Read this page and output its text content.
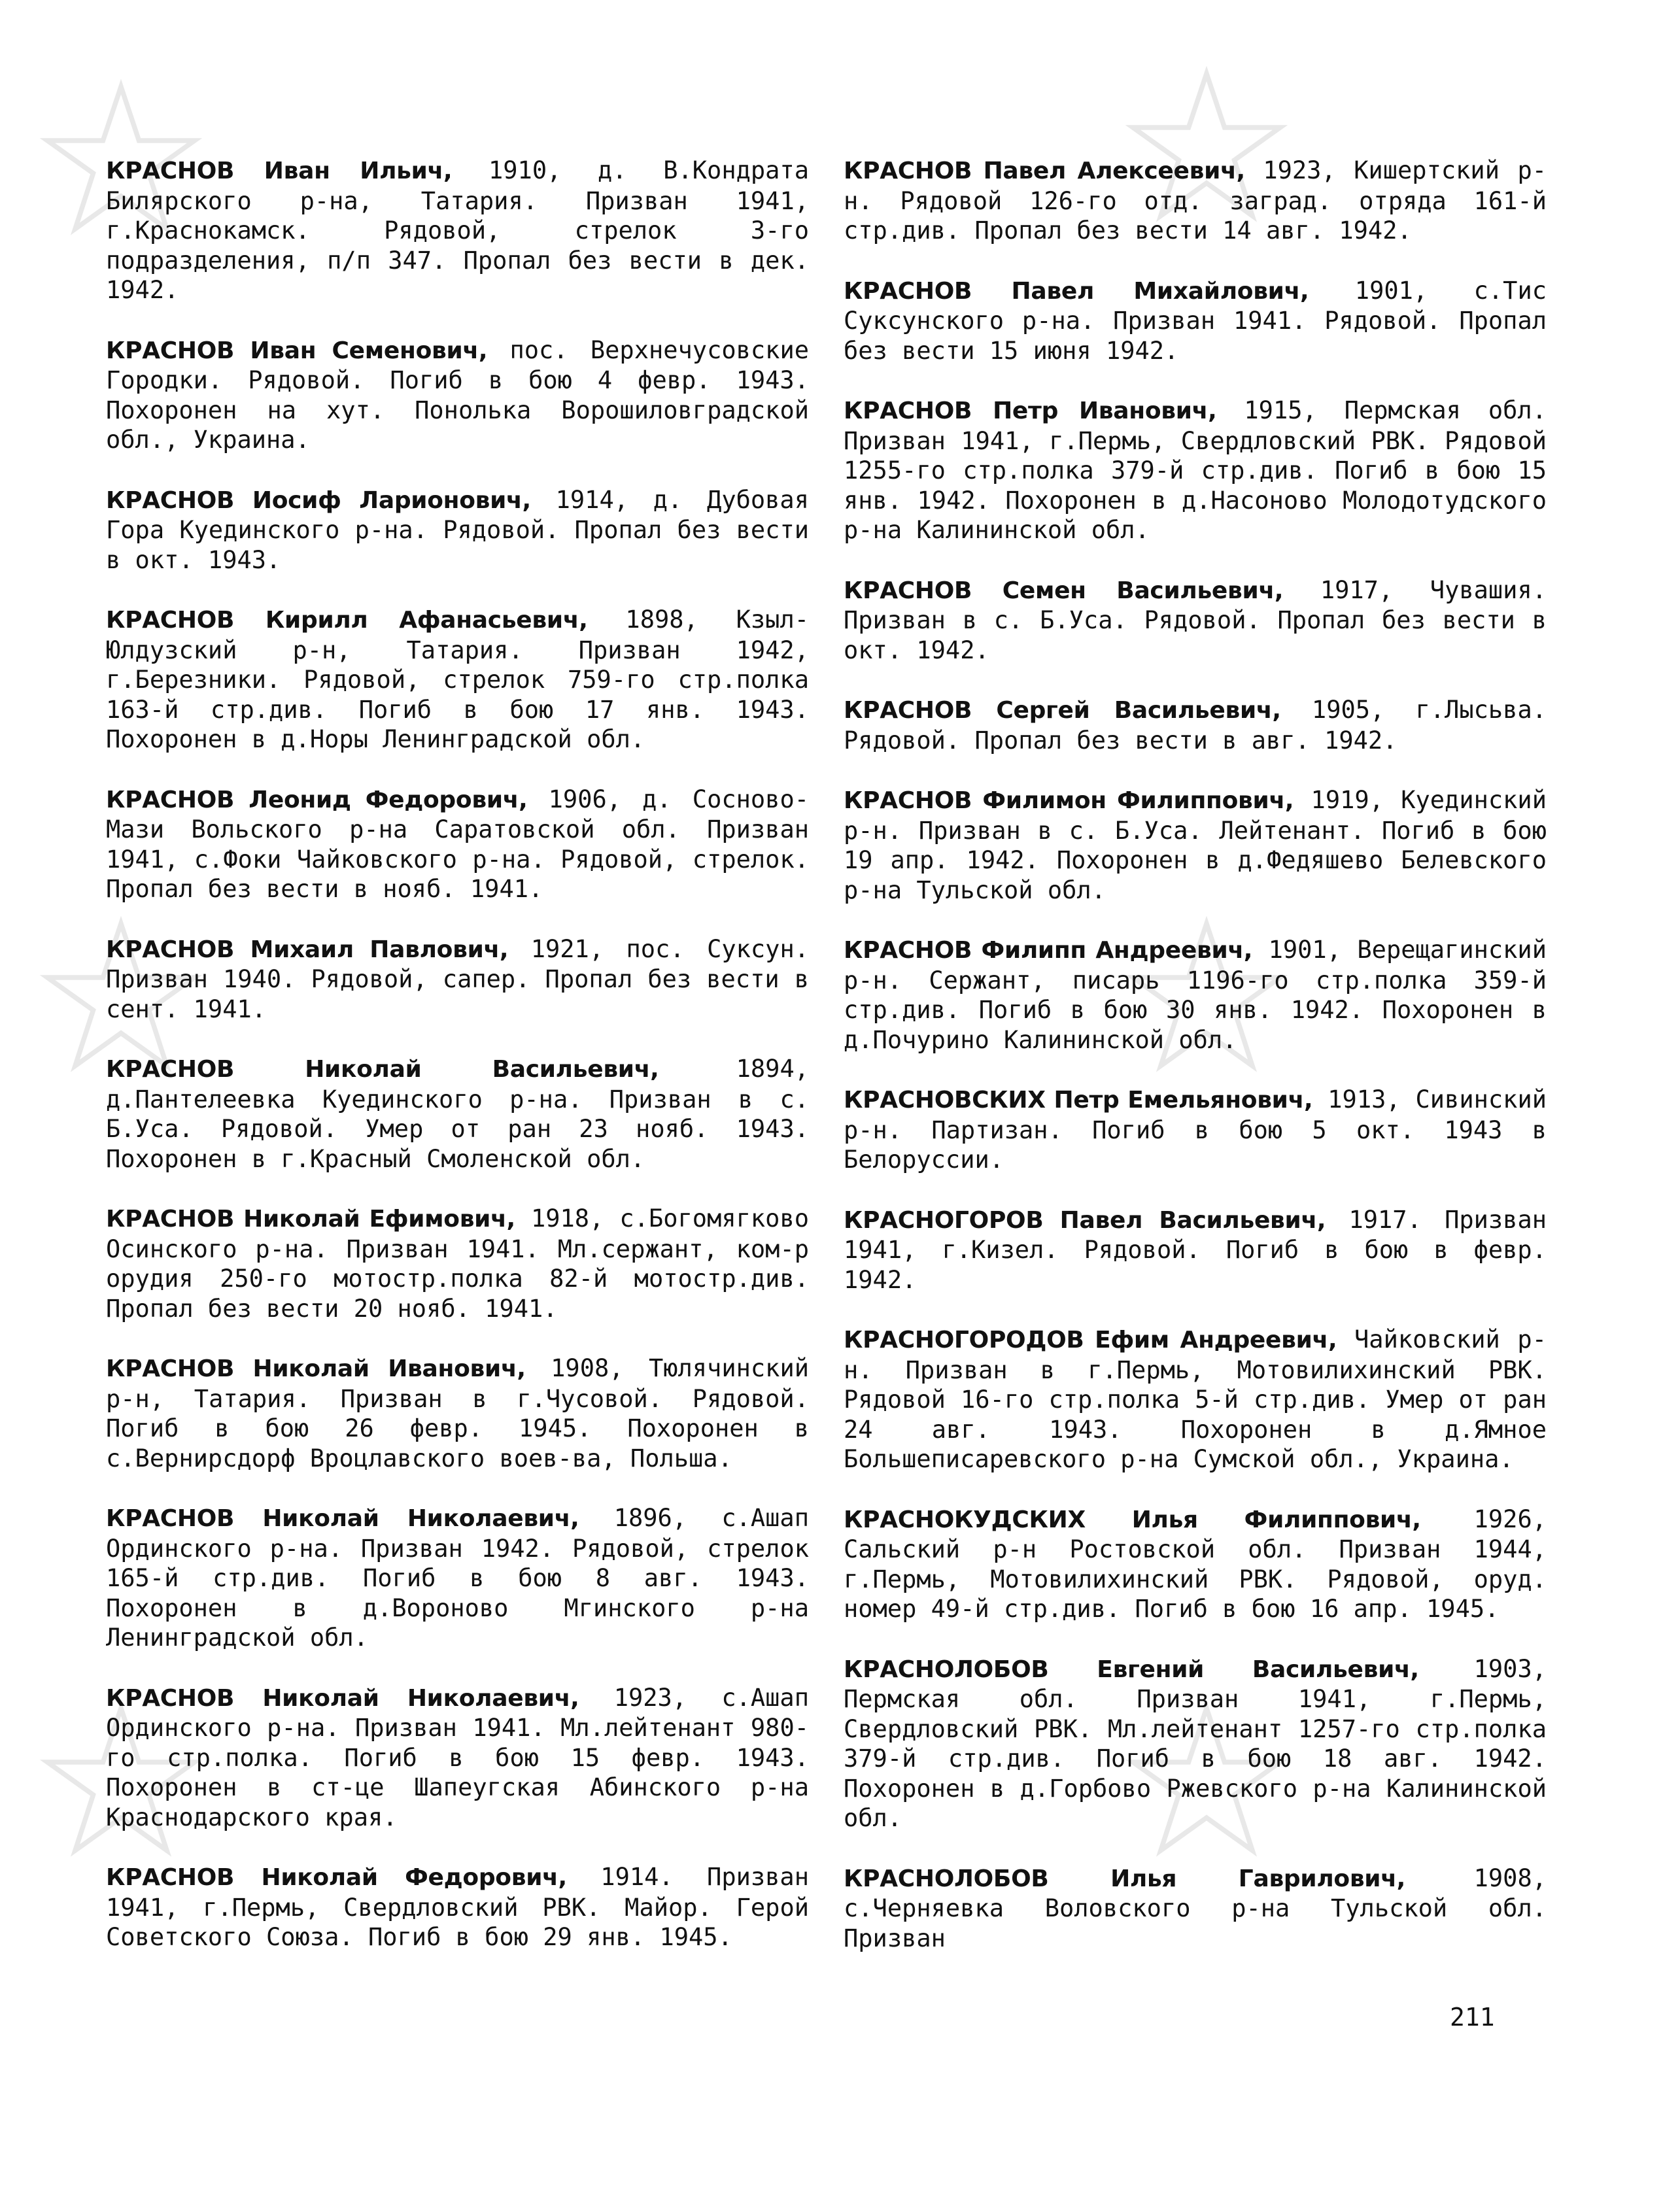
КРАСНОВ Иван Ильич, 1910, д. В.Кондрата Билярского р-на, Татария. Призван 1941, г.Краснокамск. Рядовой, стрелок 3-го подразделения, п/п 347. Пропал без вести в дек. 1942.

КРАСНОВ Иван Семенович, пос. Верхнечусовские Городки. Рядовой. Погиб в бою 4 февр. 1943. Похоронен на хут. Понолька Ворошиловградской обл., Украина.

КРАСНОВ Иосиф Ларионович, 1914, д. Дубовая Гора Куединского р-на. Рядовой. Пропал без вести в окт. 1943.

КРАСНОВ Кирилл Афанасьевич, 1898, Кзыл-Юлдузский р-н, Татария. Призван 1942, г.Березники. Рядовой, стрелок 759-го стр.полка 163-й стр.див. Погиб в бою 17 янв. 1943. Похоронен в д.Норы Ленинградской обл.

КРАСНОВ Леонид Федорович, 1906, д. Сосново-Мази Вольского р-на Саратовской обл. Призван 1941, с.Фоки Чайковского р-на. Рядовой, стрелок. Пропал без вести в нояб. 1941.

КРАСНОВ Михаил Павлович, 1921, пос. Суксун. Призван 1940. Рядовой, сапер. Пропал без вести в сент. 1941.

КРАСНОВ Николай Васильевич, 1894, д.Пантелеевка Куединского р-на. Призван в с. Б.Уса. Рядовой. Умер от ран 23 нояб. 1943. Похоронен в г.Красный Смоленской обл.

КРАСНОВ Николай Ефимович, 1918, с.Богомягково Осинского р-на. Призван 1941. Мл.сержант, ком-р орудия 250-го мотостр.полка 82-й мотостр.див. Пропал без вести 20 нояб. 1941.

КРАСНОВ Николай Иванович, 1908, Тюлячинский р-н, Татария. Призван в г.Чусовой. Рядовой. Погиб в бою 26 февр. 1945. Похоронен в с.Вернирсдорф Вроцлавского воев-ва, Польша.

КРАСНОВ Николай Николаевич, 1896, с.Ашап Ординского р-на. Призван 1942. Рядовой, стрелок 165-й стр.див. Погиб в бою 8 авг. 1943. Похоронен в д.Вороново Мгинского р-на Ленинградской обл.

КРАСНОВ Николай Николаевич, 1923, с.Ашап Ординского р-на. Призван 1941. Мл.лейтенант 980-го стр.полка. Погиб в бою 15 февр. 1943. Похоронен в ст-це Шапеугская Абинского р-на Краснодарского края.

КРАСНОВ Николай Федорович, 1914. Призван 1941, г.Пермь, Свердловский РВК. Майор. Герой Советского Союза. Погиб в бою 29 янв. 1945.

КРАСНОВ Павел Алексеевич, 1923, Кишертский р-н. Рядовой 126-го отд. заград. отряда 161-й стр.див. Пропал без вести 14 авг. 1942.

КРАСНОВ Павел Михайлович, 1901, с.Тис Суксунского р-на. Призван 1941. Рядовой. Пропал без вести 15 июня 1942.

КРАСНОВ Петр Иванович, 1915, Пермская обл. Призван 1941, г.Пермь, Свердловский РВК. Рядовой 1255-го стр.полка 379-й стр.див. Погиб в бою 15 янв. 1942. Похоронен в д.Насоново Молодотудского р-на Калининской обл.

КРАСНОВ Семен Васильевич, 1917, Чувашия. Призван в с. Б.Уса. Рядовой. Пропал без вести в окт. 1942.

КРАСНОВ Сергей Васильевич, 1905, г.Лысьва. Рядовой. Пропал без вести в авг. 1942.

КРАСНОВ Филимон Филиппович, 1919, Куединский р-н. Призван в с. Б.Уса. Лейтенант. Погиб в бою 19 апр. 1942. Похоронен в д.Федяшево Белевского р-на Тульской обл.

КРАСНОВ Филипп Андреевич, 1901, Верещагинский р-н. Сержант, писарь 1196-го стр.полка 359-й стр.див. Погиб в бою 30 янв. 1942. Похоронен в д.Почурино Калининской обл.

КРАСНОВСКИХ Петр Емельянович, 1913, Сивинский р-н. Партизан. Погиб в бою 5 окт. 1943 в Белоруссии.

КРАСНОГОРОВ Павел Васильевич, 1917. Призван 1941, г.Кизел. Рядовой. Погиб в бою в февр. 1942.

КРАСНОГОРОДОВ Ефим Андреевич, Чайковский р-н. Призван в г.Пермь, Мотовилихинский РВК. Рядовой 16-го стр.полка 5-й стр.див. Умер от ран 24 авг. 1943. Похоронен в д.Ямное Большеписаревского р-на Сумской обл., Украина.

КРАСНОКУДСКИХ Илья Филиппович, 1926, Сальский р-н Ростовской обл. Призван 1944, г.Пермь, Мотовилихинский РВК. Рядовой, оруд. номер 49-й стр.див. Погиб в бою 16 апр. 1945.

КРАСНОЛОБОВ Евгений Васильевич, 1903, Пермская обл. Призван 1941, г.Пермь, Свердловский РВК. Мл.лейтенант 1257-го стр.полка 379-й стр.див. Погиб в бою 18 авг. 1942. Похоронен в д.Горбово Ржевского р-на Калининской обл.

КРАСНОЛОБОВ Илья Гаврилович, 1908, с.Черняевка Воловского р-на Тульской обл. Призван

211
